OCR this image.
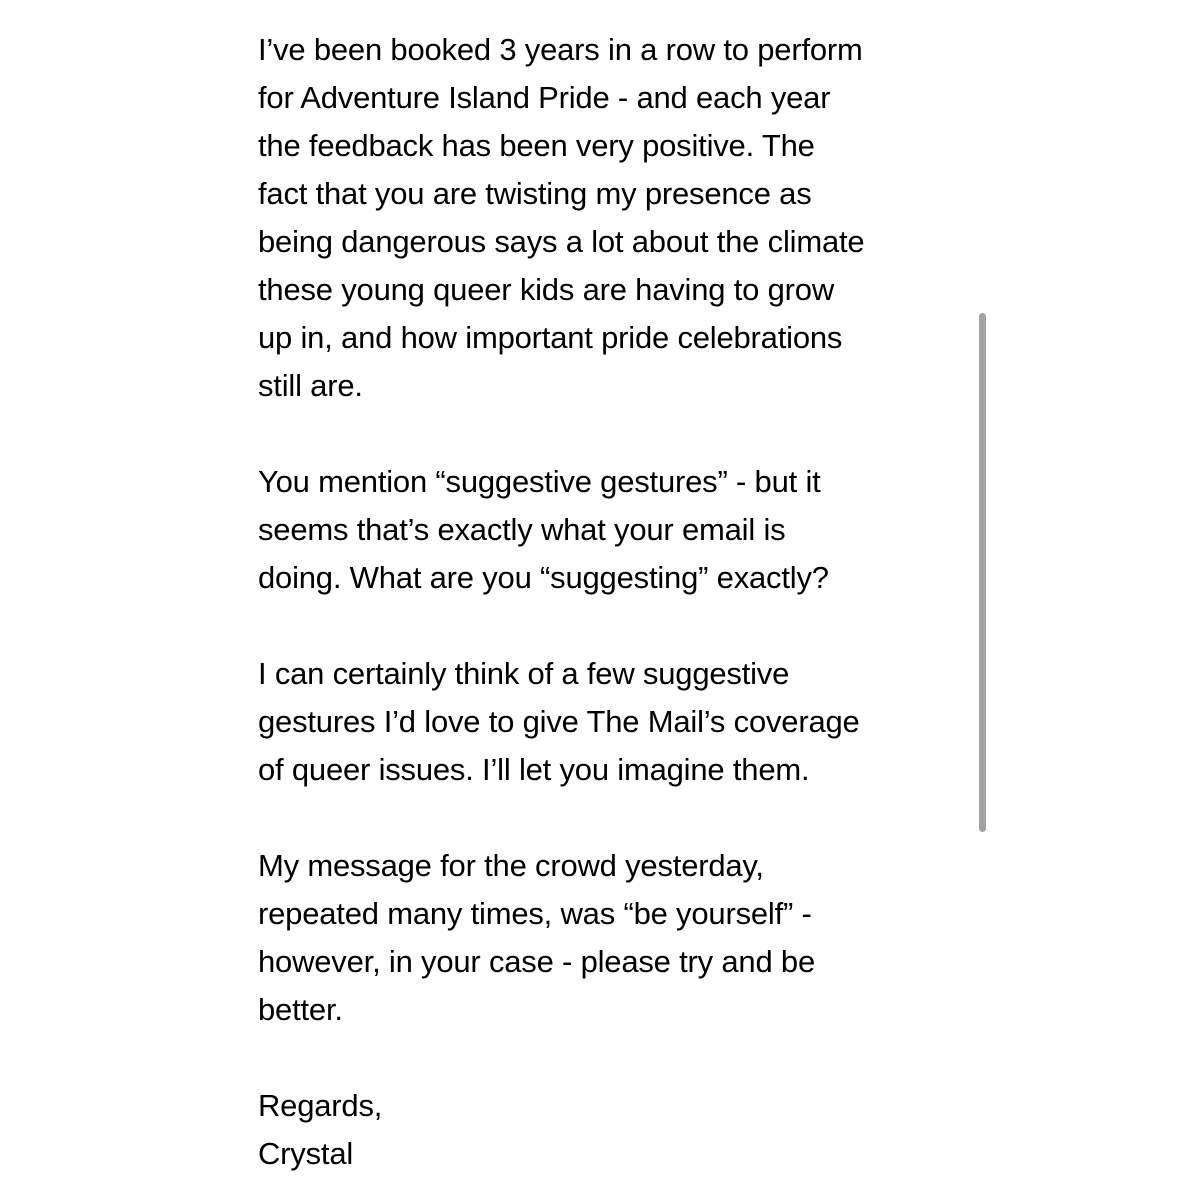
I’ve been booked 3 years in a row to perform
for Adventure Island Pride - and each year
the feedback has been very positive. The
fact that you are twisting my presence as
being dangerous says a lot about the climate
these young queer kids are having to grow
up in, and how important pride celebrations
still are.

You mention “suggestive gestures” - but it
seems that’s exactly what your email is
doing. What are you “suggesting” exactly?

I can certainly think of a few suggestive
gestures I’d love to give The Mail’s coverage
of queer issues. I’ll let you imagine them.

My message for the crowd yesterday,
repeated many times, was “be yourself” -
however, in your case - please try and be
better.

Regards,
Crystal
